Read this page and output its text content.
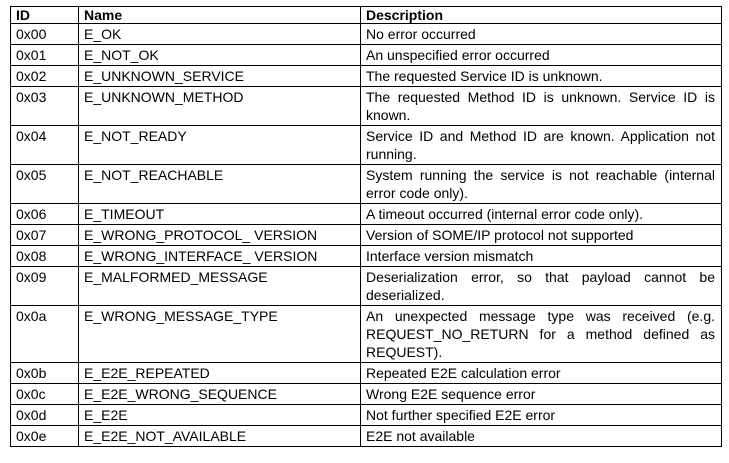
ID	Name	Description
0x00	E_OK	No error occurred
0x01	E_NOT_OK	An unspecified error occurred
0x02	E_UNKNOWN_SERVICE	The requested Service ID is unknown.
0x03	E_UNKNOWN_METHOD	The requested Method ID is unknown. Service ID is known.
0x04	E_NOT_READY	Service ID and Method ID are known. Application not running.
0x05	E_NOT_REACHABLE	System running the service is not reachable (internal error code only).
0x06	E_TIMEOUT	A timeout occurred (internal error code only).
0x07	E_WRONG_PROTOCOL_ VERSION	Version of SOME/IP protocol not supported
0x08	E_WRONG_INTERFACE_ VERSION	Interface version mismatch
0x09	E_MALFORMED_MESSAGE	Deserialization error, so that payload cannot be deserialized.
0x0a	E_WRONG_MESSAGE_TYPE	An unexpected message type was received (e.g. REQUEST_NO_RETURN for a method defined as REQUEST).
0x0b	E_E2E_REPEATED	Repeated E2E calculation error
0x0c	E_E2E_WRONG_SEQUENCE	Wrong E2E sequence error
0x0d	E_E2E	Not further specified E2E error
0x0e	E_E2E_NOT_AVAILABLE	E2E not available
